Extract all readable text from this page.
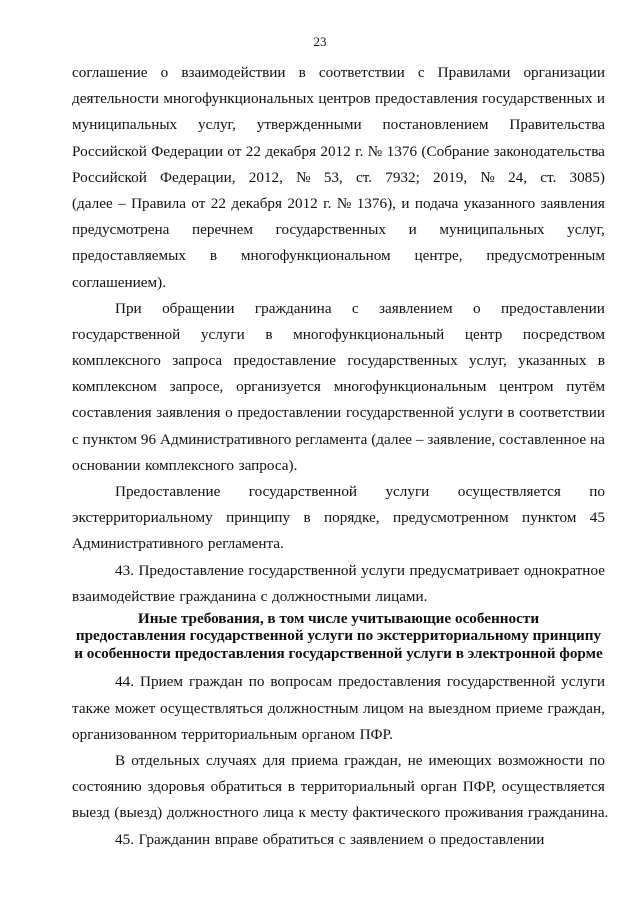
23
соглашение о взаимодействии в соответствии с Правилами организации
деятельности многофункциональных центров предоставления государственных и
муниципальных услуг, утвержденными постановлением Правительства
Российской Федерации от 22 декабря 2012 г. № 1376 (Собрание законодательства
Российской Федерации, 2012, № 53, ст. 7932; 2019, № 24, ст. 3085)
(далее – Правила от 22 декабря 2012 г. № 1376), и подача указанного заявления
предусмотрена перечнем государственных и муниципальных услуг,
предоставляемых в многофункциональном центре, предусмотренным
соглашением).
При обращении гражданина с заявлением о предоставлении
государственной услуги в многофункциональный центр посредством
комплексного запроса предоставление государственных услуг, указанных в
комплексном запросе, организуется многофункциональным центром путём
составления заявления о предоставлении государственной услуги в соответствии
с пунктом 96 Административного регламента (далее – заявление, составленное на
основании комплексного запроса).
Предоставление государственной услуги осуществляется по
экстерриториальному принципу в порядке, предусмотренном пунктом 45
Административного регламента.
43. Предоставление государственной услуги предусматривает однократное
взаимодействие гражданина с должностными лицами.
Иные требования, в том числе учитывающие особенности
предоставления государственной услуги по экстерриториальному принципу
и особенности предоставления государственной услуги в электронной форме
44. Прием граждан по вопросам предоставления государственной услуги
также может осуществляться должностным лицом на выездном приеме граждан,
организованном территориальным органом ПФР.
В отдельных случаях для приема граждан, не имеющих возможности по
состоянию здоровья обратиться в территориальный орган ПФР, осуществляется
выезд (выезд) должностного лица к месту фактического проживания гражданина.
45. Гражданин вправе обратиться с заявлением о предоставлении
